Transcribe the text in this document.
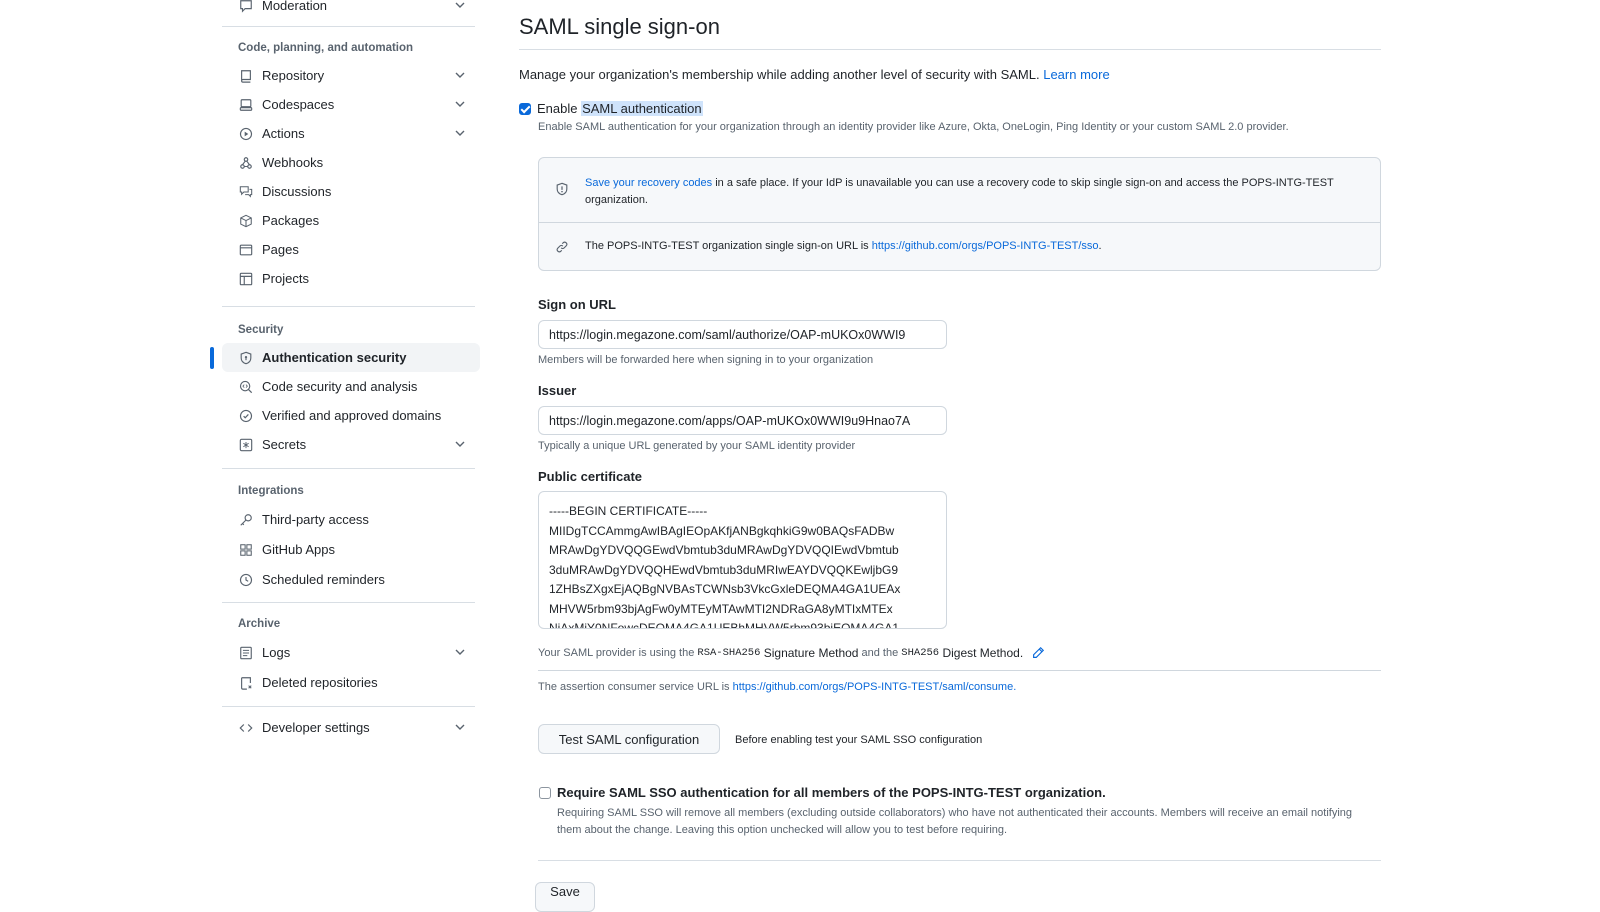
Moderation
Code, planning, and automation
Repository
Codespaces
Actions
Webhooks
Discussions
Packages
Pages
Projects
Security
Authentication security
Code security and analysis
Verified and approved domains
Secrets
Integrations
Third-party access
GitHub Apps
Scheduled reminders
Archive
Logs
Deleted repositories
Developer settings
SAML single sign-on
Manage your organization's membership while adding another level of security with SAML. Learn more
Enable SAML authentication
Enable SAML authentication for your organization through an identity provider like Azure, Okta, OneLogin, Ping Identity or your custom SAML 2.0 provider.
Save your recovery codes in a safe place. If your IdP is unavailable you can use a recovery code to skip single sign-on and access the POPS-INTG-TEST organization.
The POPS-INTG-TEST organization single sign-on URL is https://github.com/orgs/POPS-INTG-TEST/sso.
Sign on URL
https://login.megazone.com/saml/authorize/OAP-mUKOx0WWI9
Members will be forwarded here when signing in to your organization
Issuer
https://login.megazone.com/apps/OAP-mUKOx0WWI9u9Hnao7A
Typically a unique URL generated by your SAML identity provider
Public certificate
-----BEGIN CERTIFICATE----- MIIDgTCCAmmgAwIBAgIEOpAKfjANBgkqhkiG9w0BAQsFADBw MRAwDgYDVQQGEwdVbmtub3duMRAwDgYDVQQIEwdVbmtub 3duMRAwDgYDVQQHEwdVbmtub3duMRIwEAYDVQQKEwljbG9 1ZHBsZXgxEjAQBgNVBAsTCWNsb3VkcGxleDEQMA4GA1UEAx MHVW5rbm93bjAgFw0yMTEyMTAwMTI2NDRaGA8yMTIxMTEx NjAxMjY0NFowcDEQMA4GA1UEBhMHVW5rbm93bjEQMA4GA1
Your SAML provider is using the RSA-SHA256 Signature Method and the SHA256 Digest Method.
The assertion consumer service URL is https://github.com/orgs/POPS-INTG-TEST/saml/consume.
Test SAML configuration	Before enabling test your SAML SSO configuration
Require SAML SSO authentication for all members of the POPS-INTG-TEST organization.
Requiring SAML SSO will remove all members (excluding outside collaborators) who have not authenticated their accounts. Members will receive an email notifying them about the change. Leaving this option unchecked will allow you to test before requiring.
Save
